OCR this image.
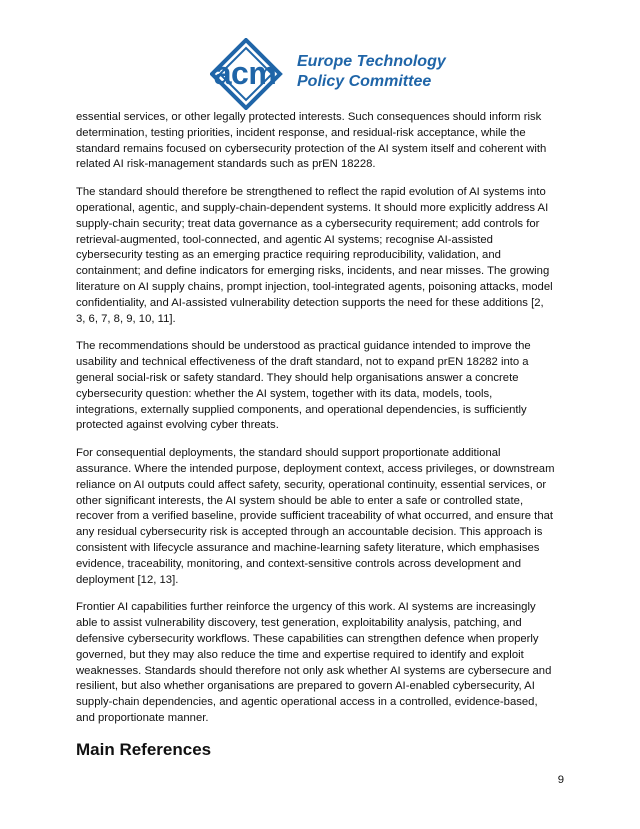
acm Europe Technology
Policy Committee

essential services, or other legally protected interests. Such consequences should inform risk
determination, testing priorities, incident response, and residual-risk acceptance, while the
standard remains focused on cybersecurity protection of the AI system itself and coherent with
related AI risk-management standards such as prEN 18228.

The standard should therefore be strengthened to reflect the rapid evolution of AI systems into
operational, agentic, and supply-chain-dependent systems. It should more explicitly address AI
supply-chain security; treat data governance as a cybersecurity requirement; add controls for
retrieval-augmented, tool-connected, and agentic AI systems; recognise AI-assisted
cybersecurity testing as an emerging practice requiring reproducibility, validation, and
containment; and define indicators for emerging risks, incidents, and near misses. The growing
literature on AI supply chains, prompt injection, tool-integrated agents, poisoning attacks, model
confidentiality, and AI-assisted vulnerability detection supports the need for these additions [2,
3, 6, 7, 8, 9, 10, 11].

The recommendations should be understood as practical guidance intended to improve the
usability and technical effectiveness of the draft standard, not to expand prEN 18282 into a
general social-risk or safety standard. They should help organisations answer a concrete
cybersecurity question: whether the AI system, together with its data, models, tools,
integrations, externally supplied components, and operational dependencies, is sufficiently
protected against evolving cyber threats.

For consequential deployments, the standard should support proportionate additional
assurance. Where the intended purpose, deployment context, access privileges, or downstream
reliance on AI outputs could affect safety, security, operational continuity, essential services, or
other significant interests, the AI system should be able to enter a safe or controlled state,
recover from a verified baseline, provide sufficient traceability of what occurred, and ensure that
any residual cybersecurity risk is accepted through an accountable decision. This approach is
consistent with lifecycle assurance and machine-learning safety literature, which emphasises
evidence, traceability, monitoring, and context-sensitive controls across development and
deployment [12, 13].

Frontier AI capabilities further reinforce the urgency of this work. AI systems are increasingly
able to assist vulnerability discovery, test generation, exploitability analysis, patching, and
defensive cybersecurity workflows. These capabilities can strengthen defence when properly
governed, but they may also reduce the time and expertise required to identify and exploit
weaknesses. Standards should therefore not only ask whether AI systems are cybersecure and
resilient, but also whether organisations are prepared to govern AI-enabled cybersecurity, AI
supply-chain dependencies, and agentic operational access in a controlled, evidence-based,
and proportionate manner.

Main References
9
